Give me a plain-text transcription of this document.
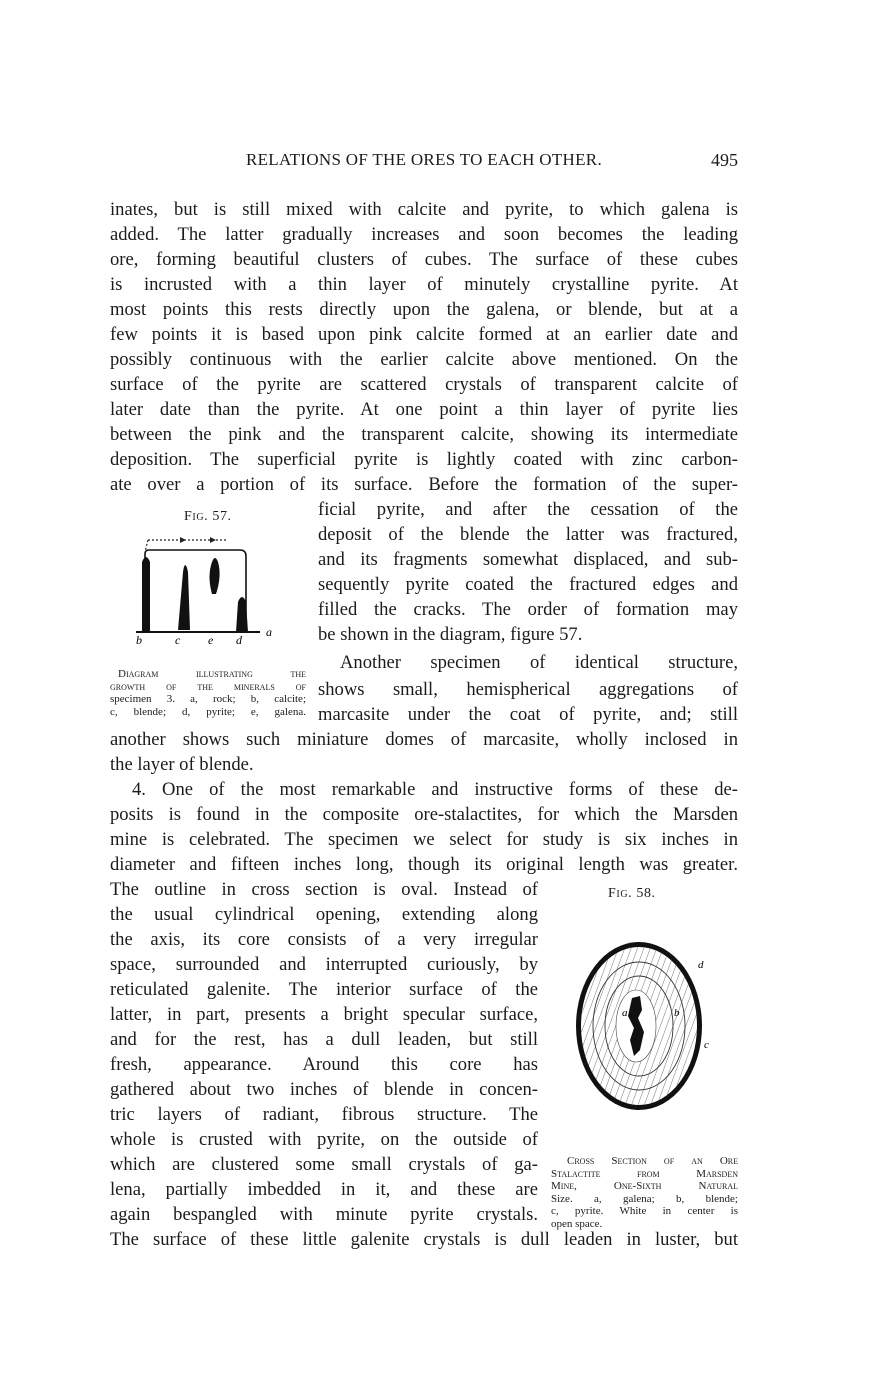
RELATIONS OF THE ORES TO EACH OTHER.	495
inates, but is still mixed with calcite and pyrite, to which galena is
added. The latter gradually increases and soon becomes the leading
ore, forming beautiful clusters of cubes. The surface of these cubes
is incrusted with a thin layer of minutely crystalline pyrite. At
most points this rests directly upon the galena, or blende, but at a
few points it is based upon pink calcite formed at an earlier date and
possibly continuous with the earlier calcite above mentioned. On the
surface of the pyrite are scattered crystals of transparent calcite of
later date than the pyrite. At one point a thin layer of pyrite lies
between the pink and the transparent calcite, showing its intermediate
deposition. The superficial pyrite is lightly coated with zinc carbon-
ate over a portion of its surface. Before the formation of the super-
Fig. 57.
b	c e d
a
Diagram illustrating the
growth of the minerals of
specimen 3. a, rock; b, calcite;
c, blende; d, pyrite; e, galena.
ficial pyrite, and after the cessation of the
deposit of the blende the latter was fractured,
and its fragments somewhat displaced, and sub-
sequently pyrite coated the fractured edges and
filled the cracks. The order of formation may
be shown in the diagram, figure 57.
Another specimen of identical structure,
shows small, hemispherical aggregations of
marcasite under the coat of pyrite, and; still
another shows such miniature domes of marcasite, wholly inclosed in
the layer of blende.
4. One of the most remarkable and instructive forms of these de-
posits is found in the composite ore-stalactites, for which the Marsden
mine is celebrated. The specimen we select for study is six inches in
diameter and fifteen inches long, though its original length was greater.
The outline in cross section is oval. Instead of
the usual cylindrical opening, extending along
the axis, its core consists of a very irregular
space, surrounded and interrupted curiously, by
reticulated galenite. The interior surface of the
latter, in part, presents a bright specular surface,
and for the rest, has a dull leaden, but still
fresh, appearance. Around this core has
gathered about two inches of blende in concen-
tric layers of radiant, fibrous structure. The
whole is crusted with pyrite, on the outside of
which are clustered some small crystals of ga-
lena, partially imbedded in it, and these are
again bespangled with minute pyrite crystals.
The surface of these little galenite crystals is dull leaden in luster, but
Fig. 58.
a	b
c
d
Cross Section of an Ore
Stalactite from Marsden
Mine, One-Sixth Natural
Size. a, galena; b, blende;
c, pyrite. White in center is
open space.
